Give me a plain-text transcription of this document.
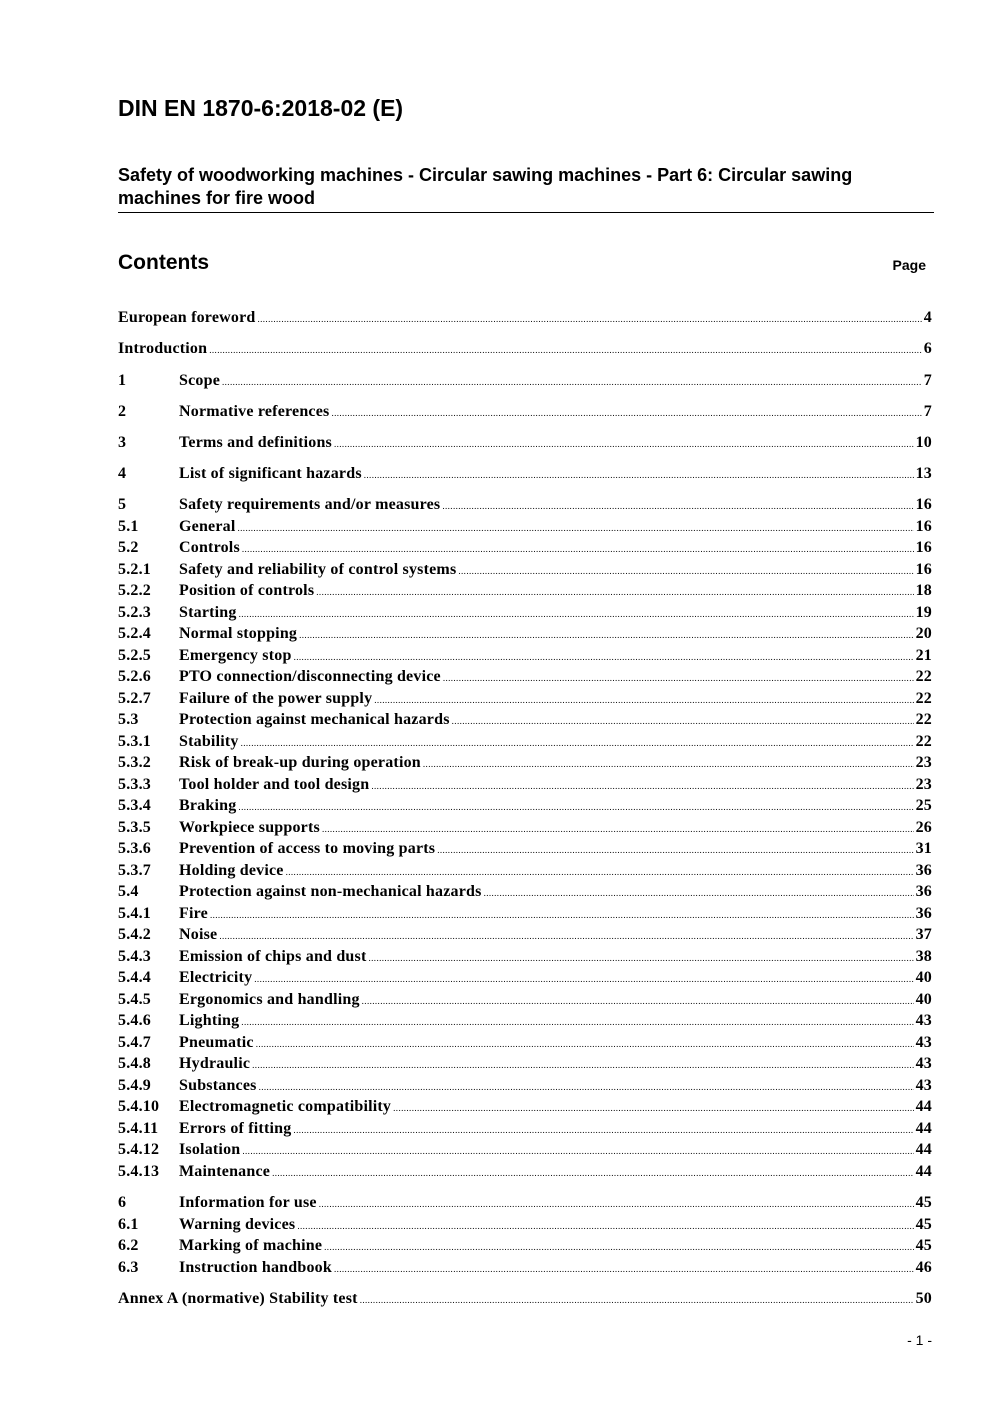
DIN EN 1870-6:2018-02 (E)
Safety of woodworking machines - Circular sawing machines - Part 6: Circular sawing machines for fire wood
Contents	Page
European foreword .....	4
Introduction .....	6
1	Scope .....	7
2	Normative references .....	7
3	Terms and definitions .....	10
4	List of significant hazards .....	13
5	Safety requirements and/or measures .....	16
5.1	General .....	16
5.2	Controls .....	16
5.2.1	Safety and reliability of control systems .....	16
5.2.2	Position of controls .....	18
5.2.3	Starting .....	19
5.2.4	Normal stopping .....	20
5.2.5	Emergency stop .....	21
5.2.6	PTO connection/disconnecting device .....	22
5.2.7	Failure of the power supply .....	22
5.3	Protection against mechanical hazards .....	22
5.3.1	Stability .....	22
5.3.2	Risk of break-up during operation .....	23
5.3.3	Tool holder and tool design .....	23
5.3.4	Braking .....	25
5.3.5	Workpiece supports .....	26
5.3.6	Prevention of access to moving parts .....	31
5.3.7	Holding device .....	36
5.4	Protection against non-mechanical hazards .....	36
5.4.1	Fire .....	36
5.4.2	Noise .....	37
5.4.3	Emission of chips and dust .....	38
5.4.4	Electricity .....	40
5.4.5	Ergonomics and handling .....	40
5.4.6	Lighting .....	43
5.4.7	Pneumatic .....	43
5.4.8	Hydraulic .....	43
5.4.9	Substances .....	43
5.4.10	Electromagnetic compatibility .....	44
5.4.11	Errors of fitting .....	44
5.4.12	Isolation .....	44
5.4.13	Maintenance .....	44
6	Information for use .....	45
6.1	Warning devices .....	45
6.2	Marking of machine .....	45
6.3	Instruction handbook .....	46
Annex A (normative) Stability test .....	50
- 1 -
